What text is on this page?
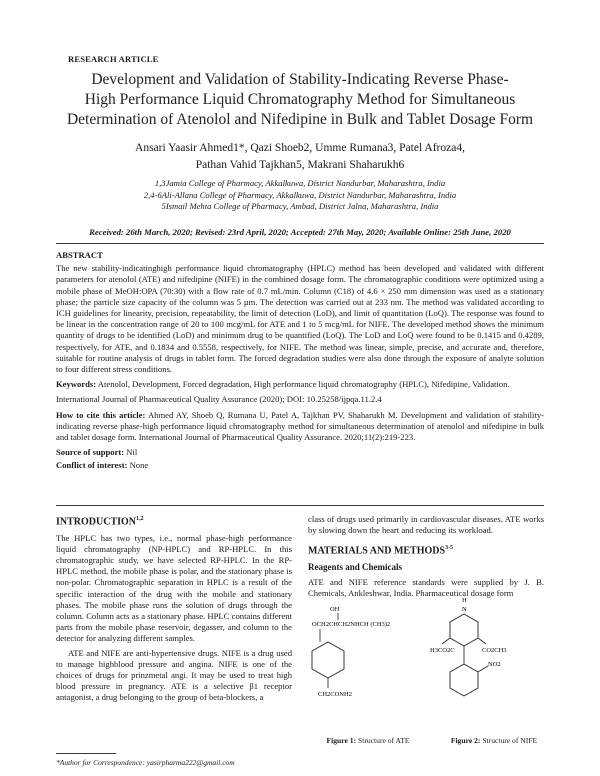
RESEARCH ARTICLE
Development and Validation of Stability-Indicating Reverse Phase-
High Performance Liquid Chromatography Method for Simultaneous
Determination of Atenolol and Nifedipine in Bulk and Tablet Dosage Form
Ansari Yaasir Ahmed1*, Qazi Shoeb2, Umme Rumana3, Patel Afroza4,
Pathan Vahid Tajkhan5, Makrani Shaharukh6
1,3Jamia College of Pharmacy, Akkalkuwa, District Nandurbar, Maharashtra, India
2,4-6Ali-Allana College of Pharmacy, Akkalkuwa, District Nandurbar, Maharashtra, India
5Ismail Mehta College of Pharmacy, Ambad, District Jalna, Maharashtra, India
Received: 26th March, 2020; Revised: 23rd April, 2020; Accepted: 27th May, 2020; Available Online: 25th June, 2020
ABSTRACT

The new stability-indicatinghigh performance liquid chromatography (HPLC) method has been developed and validated with different parameters for atenolol (ATE) and nifedipine (NIFE) in the combined dosage form. The chromatographic conditions were optimized using a mobile phase of MeOH:OPA (70:30) with a flow rate of 0.7 mL/min. Column (C18) of 4.6 × 250 mm dimension was used as a stationary phase; the particle size capacity of the column was 5 µm. The detection was carried out at 233 nm. The method was validated according to ICH guidelines for linearity, precision, repeatability, the limit of detection (LoD), and limit of quantitation (LoQ). The response was found to be linear in the concentration range of 20 to 100 mcg/mL for ATE and 1 to 5 mcg/mL for NIFE. The developed method shows the minimum quantity of drugs to be identified (LoD) and minimum drug to be quantified (LoQ). The LoD and LoQ were found to be 0.1415 and 0.4289, respectively, for ATE, and 0.1834 and 0.5558, respectively, for NIFE. The method was linear, simple, precise, and accurate and, therefore, suitable for routine analysis of drugs in tablet form. The forced degradation studies were also done through the exposure of analyte solution to four different stress conditions.

Keywords: Atenolol, Development, Forced degradation, High performance liquid chromatography (HPLC), Nifedipine, Validation.

International Journal of Pharmaceutical Quality Assurance (2020); DOI: 10.25258/ijpqa.11.2.4

How to cite this article: Ahmed AY, Shoeb Q, Rumana U, Patel A, Tajkhan PV, Shaharukh M. Development and validation of stability-indicating reverse phase-high performance liquid chromatography method for simultaneous determination of atenolol and nifedipine in bulk and tablet dosage form. International Journal of Pharmaceutical Quality Assurance. 2020;11(2):219-223.

Source of support: Nil

Conflict of interest: None

INTRODUCTION$^{1,2}$

The HPLC has two types, i.e., normal phase-high performance liquid chromatography (NP-HPLC) and RP-HPLC. In this chromatographic study, we have selected RP-HPLC. In the RP-HPLC method, the mobile phase is polar, and the stationary phase is non-polar. Chromatographic separation in HPLC is a result of the specific interaction of the drug with the mobile and stationary phases. The mobile phase runs the solution of drugs through the column. Column acts as a stationary phase. HPLC contains different parts from the mobile phase reservoir, degasser, and column to the detector for analyzing different samples.

ATE and NIFE are anti-hypertensive drugs. NIFE is a drug used to manage highblood pressure and angina. NIFE is one of the choices of drugs for prinzmetal angi. It may be used to treat high blood pressure in pregnancy. ATE is a selective β1 receptor antagonist, a drug belonging to the group of beta-blockers, a

class of drugs used primarily in cardiovascular diseases. ATE works by slowing down the heart and reducing its workload.

MATERIALS AND METHODS$^{3-5}$
Reagents and Chemicals

ATE and NIFE reference standards were supplied by J. B. Chemicals, Ankleshwar, India. Pharmaceutical dosage form

OH
OCH2CHCH2NHCH (CH3)2
CH2CONH2
H
N
H3CO2C	CO2CH3
NO2
Figure 1: Structure of ATE	Figure 2: Structure of NIFE
*Author for Correspondence: yasirpharma222@gmail.com
